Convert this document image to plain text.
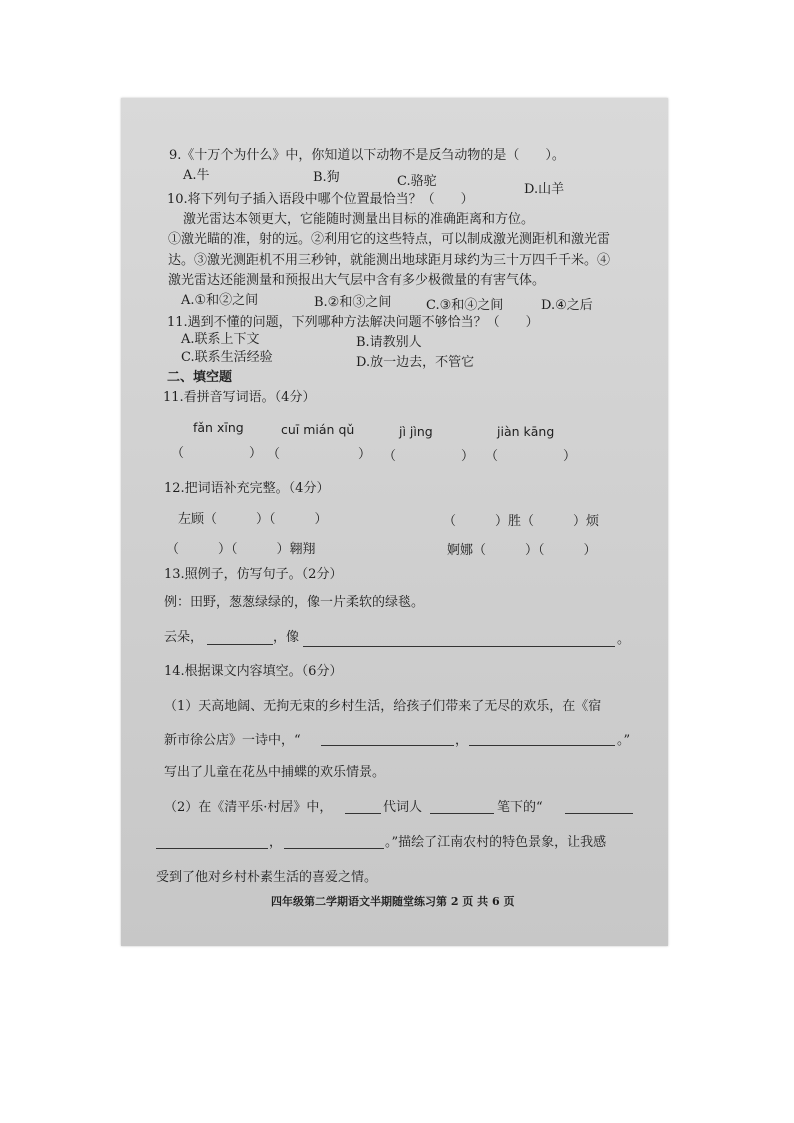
9.《十万个为什么》中，你知道以下动物不是反刍动物的是（　　）。
A.牛	B.狗	C.骆驼
D.山羊
10.将下列句子插入语段中哪个位置最恰当？（　　）
激光雷达本领更大，它能随时测量出目标的准确距离和方位。
①激光瞄的准，射的远。②利用它的这些特点，可以制成激光测距机和激光雷
达。③激光测距机不用三秒钟，就能测出地球距月球约为三十万四千千米。④
激光雷达还能测量和预报出大气层中含有多少极微量的有害气体。
A.①和②之间	B.②和③之间	C.③和④之间	D.④之后
11.遇到不懂的问题，下列哪种方法解决问题不够恰当？（　　）
A.联系上下文	B.请教别人
C.联系生活经验	D.放一边去，不管它
二、填空题
11.看拼音写词语。（4分）
fǎn xīng	cuī mián qǔ	jì jìng	jiàn kāng
（　　　　　） （　　　　　　） （　　　　　） （　　　　　）
12.把词语补充完整。（4分）
左顾（　　　）（　　　）	（　　　）胜（　　　）烦
（　　　）（　　　）翱翔	婀娜（　　　）（　　　）
13.照例子，仿写句子。（2分）
例：田野，葱葱绿绿的，像一片柔软的绿毯。
云朵，	，像	。
14.根据课文内容填空。（6分）
（1）天高地阔、无拘无束的乡村生活，给孩子们带来了无尽的欢乐，在《宿
新市徐公店》一诗中，“	，	。”
写出了儿童在花丛中捕蝶的欢乐情景。
（2）在《清平乐·村居》中，	代词人	笔下的“
，	。”描绘了江南农村的特色景象，让我感
受到了他对乡村朴素生活的喜爱之情。
四年级第二学期语文半期随堂练习第 2 页 共 6 页
